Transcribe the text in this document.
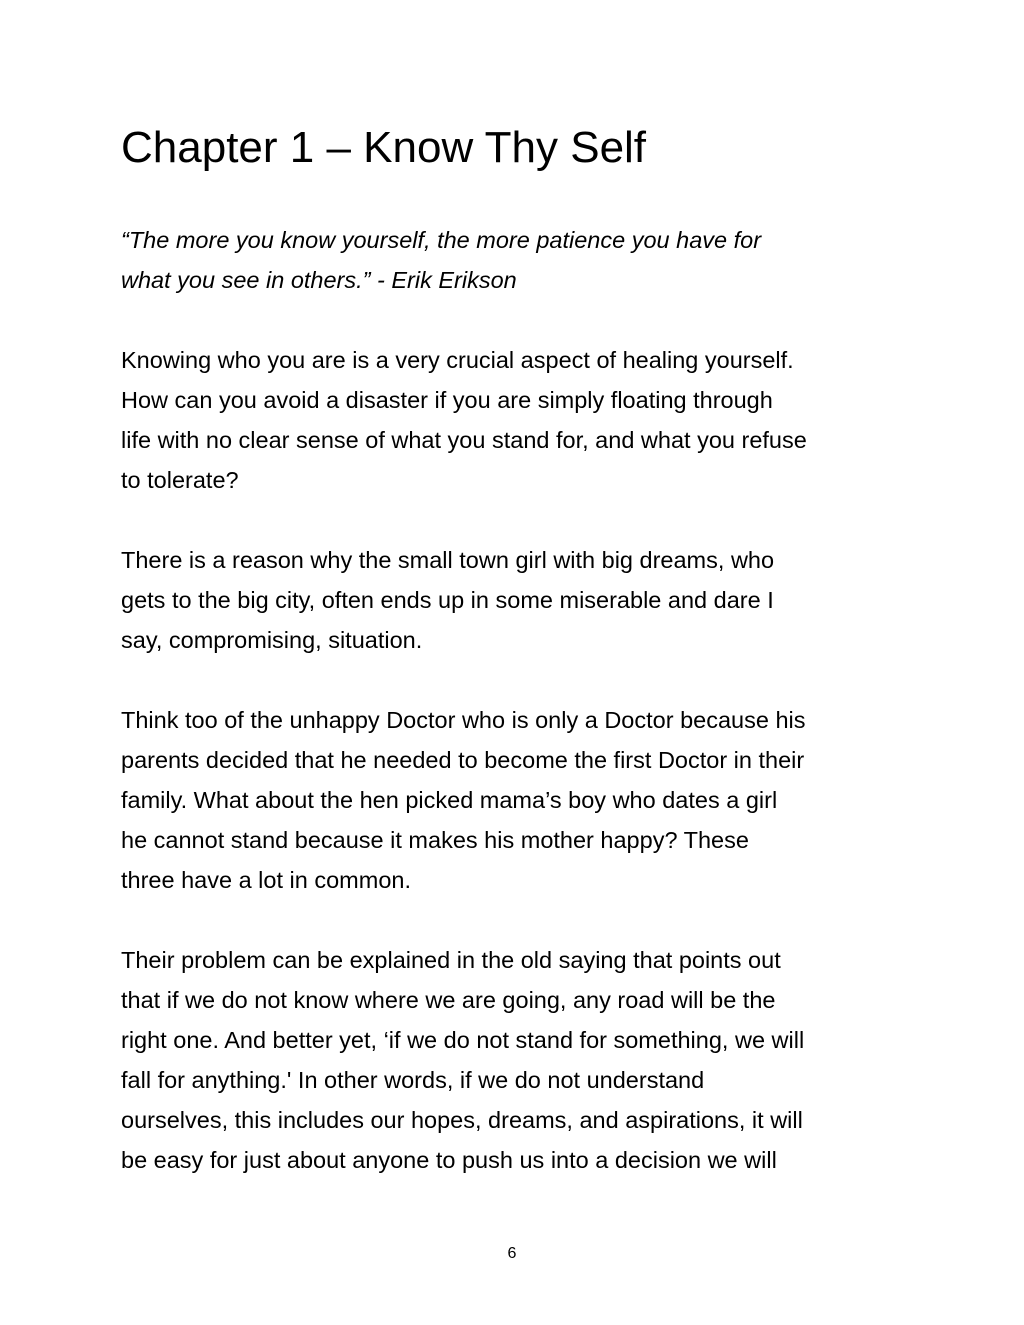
Chapter 1 – Know Thy Self

“The more you know yourself, the more patience you have for
what you see in others.” - Erik Erikson

Knowing who you are is a very crucial aspect of healing yourself.
How can you avoid a disaster if you are simply floating through
life with no clear sense of what you stand for, and what you refuse
to tolerate?

There is a reason why the small town girl with big dreams, who
gets to the big city, often ends up in some miserable and dare I
say, compromising, situation.

Think too of the unhappy Doctor who is only a Doctor because his
parents decided that he needed to become the first Doctor in their
family. What about the hen picked mama’s boy who dates a girl
he cannot stand because it makes his mother happy? These
three have a lot in common.

Their problem can be explained in the old saying that points out
that if we do not know where we are going, any road will be the
right one. And better yet, ‘if we do not stand for something, we will
fall for anything.' In other words, if we do not understand
ourselves, this includes our hopes, dreams, and aspirations, it will
be easy for just about anyone to push us into a decision we will

6
